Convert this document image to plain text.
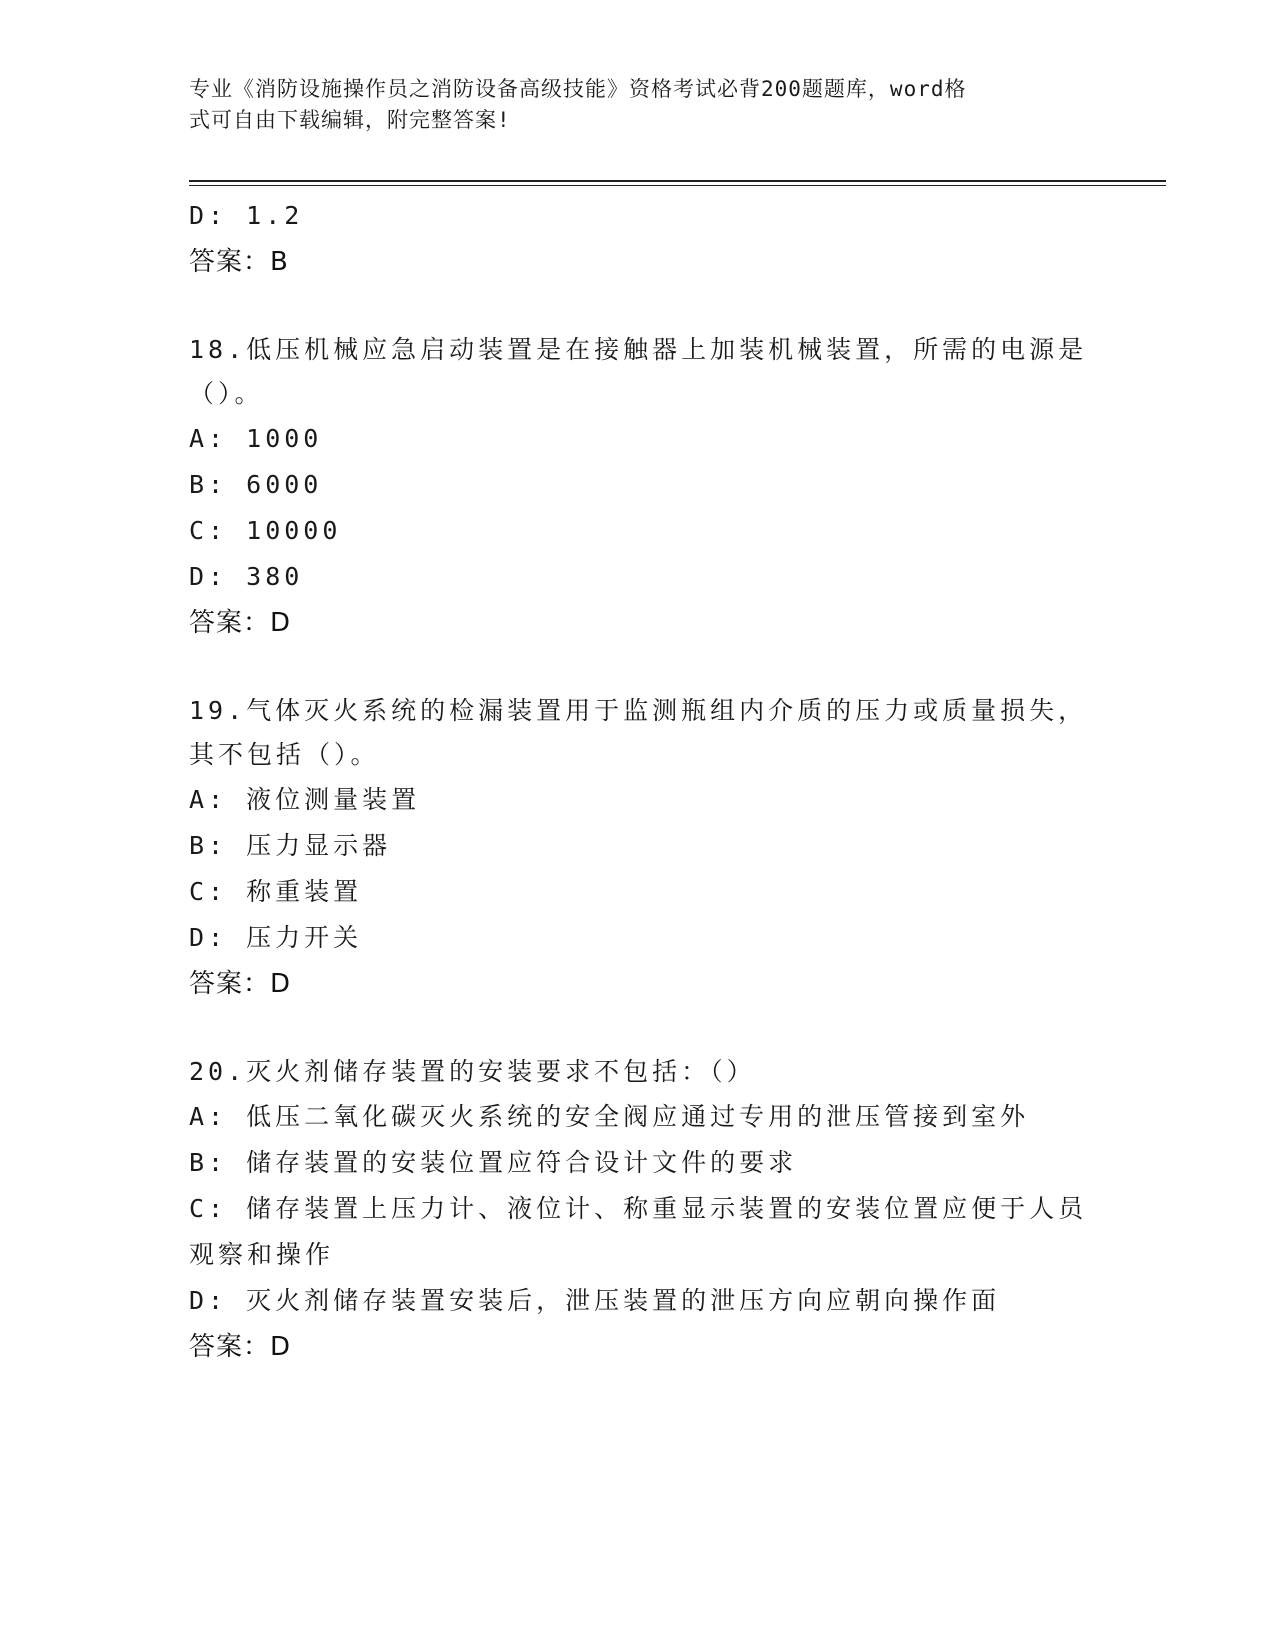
专业《消防设施操作员之消防设备高级技能》资格考试必背200题题库，word格
式可自由下载编辑，附完整答案!
D: 1.2
答案：B
18.低压机械应急启动装置是在接触器上加装机械装置，所需的电源是
（）。
A: 1000
B: 6000
C: 10000
D: 380
答案：D
19.气体灭火系统的检漏装置用于监测瓶组内介质的压力或质量损失，
其不包括（）。
A: 液位测量装置
B: 压力显示器
C: 称重装置
D: 压力开关
答案：D
20.灭火剂储存装置的安装要求不包括：（）
A: 低压二氧化碳灭火系统的安全阀应通过专用的泄压管接到室外
B: 储存装置的安装位置应符合设计文件的要求
C: 储存装置上压力计、液位计、称重显示装置的安装位置应便于人员
观察和操作
D: 灭火剂储存装置安装后，泄压装置的泄压方向应朝向操作面
答案：D
